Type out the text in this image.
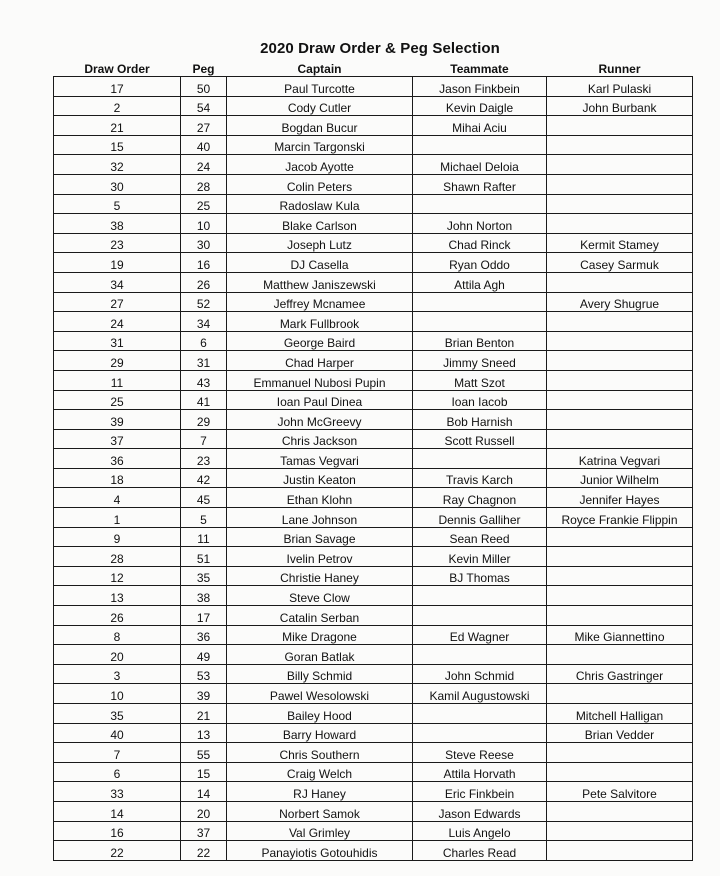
2020 Draw Order & Peg Selection
Draw Order	Peg	Captain	Teammate	Runner
17	50	Paul Turcotte	Jason Finkbein	Karl Pulaski
2	54	Cody Cutler	Kevin Daigle	John Burbank
21	27	Bogdan Bucur	Mihai Aciu	
15	40	Marcin Targonski		
32	24	Jacob Ayotte	Michael Deloia	
30	28	Colin Peters	Shawn Rafter	
5	25	Radoslaw Kula		
38	10	Blake Carlson	John Norton	
23	30	Joseph Lutz	Chad Rinck	Kermit Stamey
19	16	DJ Casella	Ryan Oddo	Casey Sarmuk
34	26	Matthew Janiszewski	Attila Agh	
27	52	Jeffrey Mcnamee		Avery Shugrue
24	34	Mark Fullbrook		
31	6	George Baird	Brian Benton	
29	31	Chad Harper	Jimmy Sneed	
11	43	Emmanuel Nubosi Pupin	Matt Szot	
25	41	Ioan Paul Dinea	Ioan Iacob	
39	29	John McGreevy	Bob Harnish	
37	7	Chris Jackson	Scott Russell	
36	23	Tamas Vegvari		Katrina Vegvari
18	42	Justin Keaton	Travis Karch	Junior Wilhelm
4	45	Ethan Klohn	Ray Chagnon	Jennifer Hayes
1	5	Lane Johnson	Dennis Galliher	Royce Frankie Flippin
9	11	Brian Savage	Sean Reed	
28	51	Ivelin Petrov	Kevin Miller	
12	35	Christie Haney	BJ Thomas	
13	38	Steve Clow		
26	17	Catalin Serban		
8	36	Mike Dragone	Ed Wagner	Mike Giannettino
20	49	Goran Batlak		
3	53	Billy Schmid	John Schmid	Chris Gastringer
10	39	Pawel Wesolowski	Kamil Augustowski	
35	21	Bailey Hood		Mitchell Halligan
40	13	Barry Howard		Brian Vedder
7	55	Chris Southern	Steve Reese	
6	15	Craig Welch	Attila Horvath	
33	14	RJ Haney	Eric Finkbein	Pete Salvitore
14	20	Norbert Samok	Jason Edwards	
16	37	Val Grimley	Luis Angelo	
22	22	Panayiotis Gotouhidis	Charles Read	
